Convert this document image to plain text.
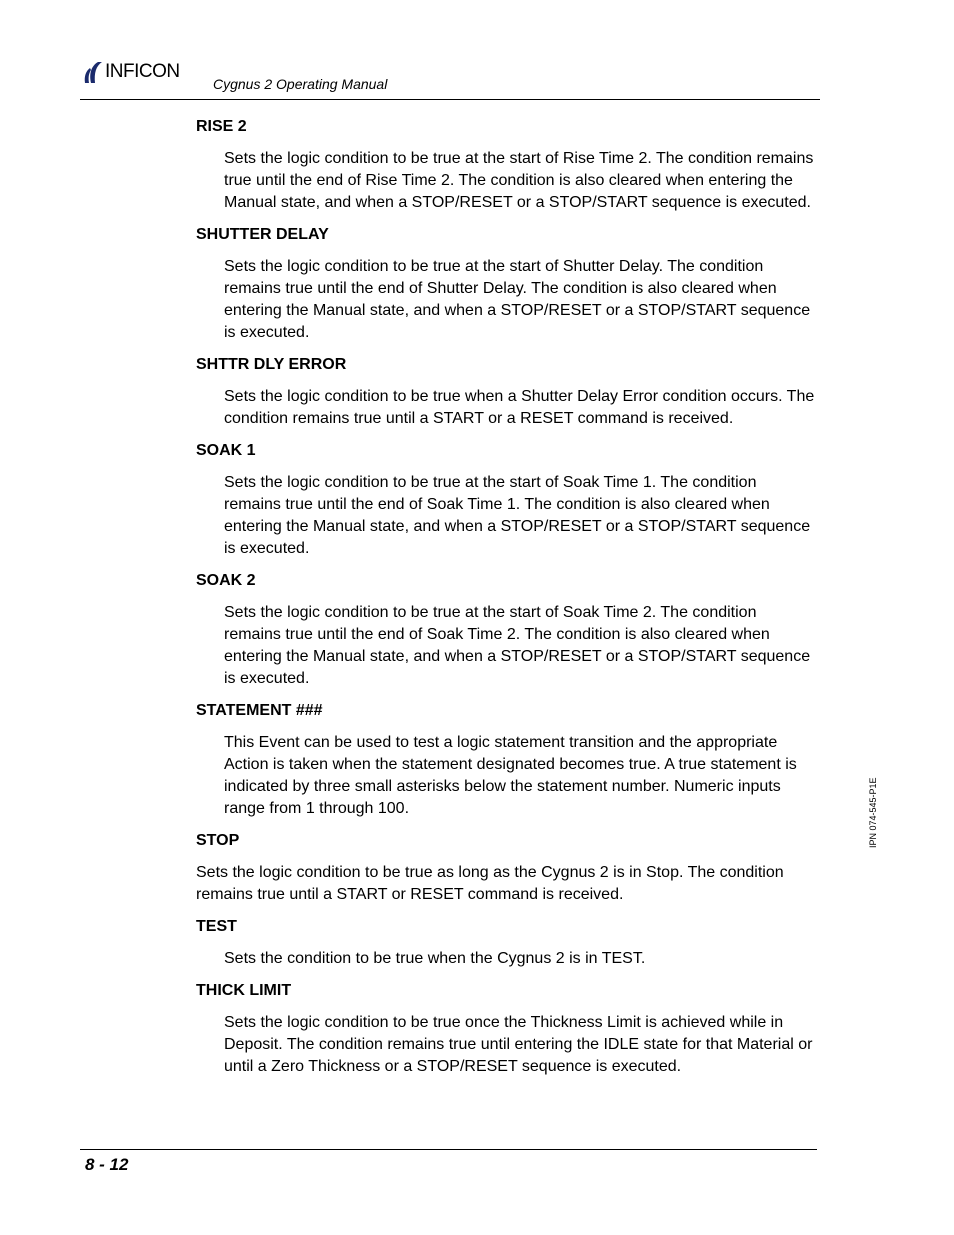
INFICON
Cygnus 2 Operating Manual

RISE 2

Sets the logic condition to be true at the start of Rise Time 2. The condition remains true until the end of Rise Time 2. The condition is also cleared when entering the Manual state, and when a STOP/RESET or a STOP/START sequence is executed.

SHUTTER DELAY

Sets the logic condition to be true at the start of Shutter Delay. The condition remains true until the end of Shutter Delay. The condition is also cleared when entering the Manual state, and when a STOP/RESET or a STOP/START sequence is executed.

SHTTR DLY ERROR

Sets the logic condition to be true when a Shutter Delay Error condition occurs. The condition remains true until a START or a RESET command is received.

SOAK 1

Sets the logic condition to be true at the start of Soak Time 1. The condition remains true until the end of Soak Time 1. The condition is also cleared when entering the Manual state, and when a STOP/RESET or a STOP/START sequence is executed.

SOAK 2

Sets the logic condition to be true at the start of Soak Time 2. The condition remains true until the end of Soak Time 2. The condition is also cleared when entering the Manual state, and when a STOP/RESET or a STOP/START sequence is executed.

STATEMENT ###

This Event can be used to test a logic statement transition and the appropriate Action is taken when the statement designated becomes true. A true statement is indicated by three small asterisks below the statement number. Numeric inputs range from 1 through 100.

STOP

Sets the logic condition to be true as long as the Cygnus 2 is in Stop. The condition remains true until a START or RESET command is received.

TEST

Sets the condition to be true when the Cygnus 2 is in TEST.

THICK LIMIT

Sets the logic condition to be true once the Thickness Limit is achieved while in Deposit. The condition remains true until entering the IDLE state for that Material or until a Zero Thickness or a STOP/RESET sequence is executed.

IPN 074-545-P1E
8 - 12
